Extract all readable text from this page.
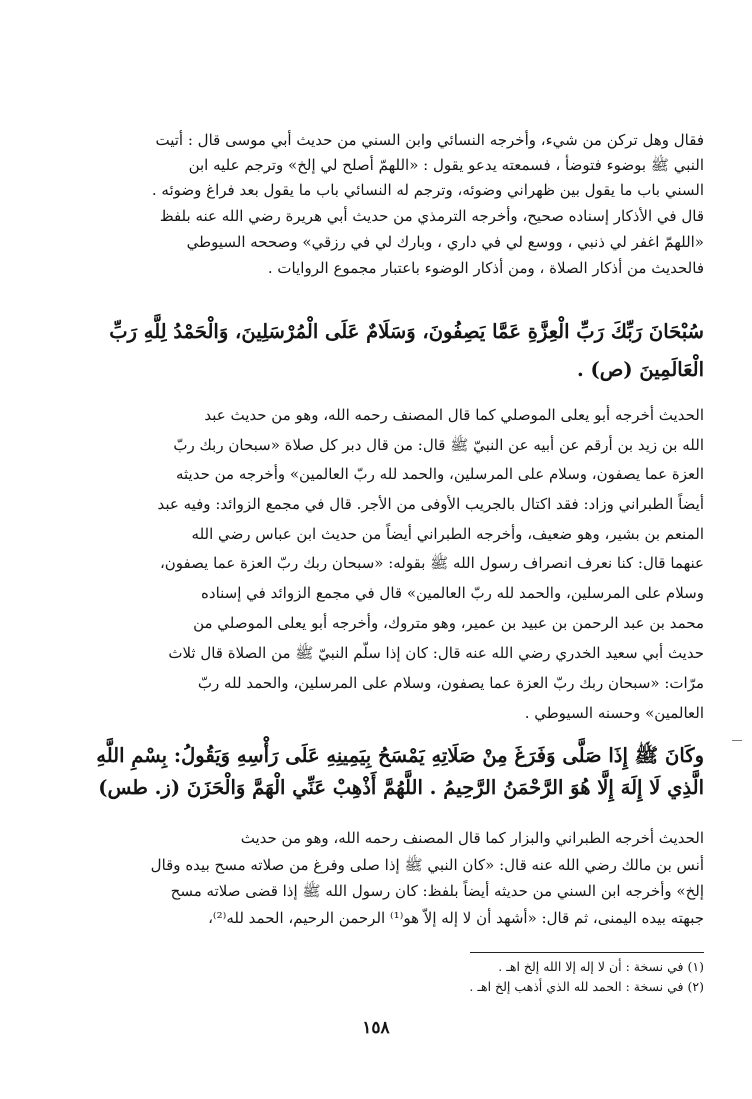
فقال وهل تركن من شيء، وأخرجه النسائي وابن السني من حديث أبي موسى قال : أتيت
النبي ﷺ بوضوء فتوضأ ، فسمعته يدعو يقول : «اللهمّ أصلح لي إلخ» وترجم عليه ابن
السني باب ما يقول بين ظهراني وضوئه، وترجم له النسائي باب ما يقول بعد فراغ وضوئه .
قال في الأذكار إسناده صحيح، وأخرجه الترمذي من حديث أبي هريرة رضي الله عنه بلفظ
«اللهمّ اغفر لي ذنبي ، ووسع لي في داري ، وبارك لي في رزقي» وصححه السيوطي
فالحديث من أذكار الصلاة ، ومن أذكار الوضوء باعتبار مجموع الروايات .
سُبْحَانَ رَبِّكَ رَبِّ الْعِزَّةِ عَمَّا يَصِفُونَ، وَسَلَامٌ عَلَى الْمُرْسَلِينَ، وَالْحَمْدُ لِلَّهِ رَبِّ
الْعَالَمِينَ (ص) .
الحديث أخرجه أبو يعلى الموصلي كما قال المصنف رحمه الله، وهو من حديث عبد
الله بن زيد بن أرقم عن أبيه عن النبيّ ﷺ قال: من قال دبر كل صلاة «سبحان ربك ربّ
العزة عما يصفون، وسلام على المرسلين، والحمد لله ربّ العالمين» وأخرجه من حديثه
أيضاً الطبراني وزاد: فقد اكتال بالجريب الأوفى من الأجر. قال في مجمع الزوائد: وفيه عبد
المنعم بن بشير، وهو ضعيف، وأخرجه الطبراني أيضاً من حديث ابن عباس رضي الله
عنهما قال: كنا نعرف انصراف رسول الله ﷺ بقوله: «سبحان ربك ربّ العزة عما يصفون،
وسلام على المرسلين، والحمد لله ربّ العالمين» قال في مجمع الزوائد في إسناده
محمد بن عبد الرحمن بن عبيد بن عمير، وهو متروك، وأخرجه أبو يعلى الموصلي من
حديث أبي سعيد الخدري رضي الله عنه قال: كان إذا سلّم النبيّ ﷺ من الصلاة قال ثلاث
مرّات: «سبحان ربك ربّ العزة عما يصفون، وسلام على المرسلين، والحمد لله ربّ
العالمين» وحسنه السيوطي .
وكَانَ ﷺ إِذَا صَلَّى وَفَرَغَ مِنْ صَلَاتِهِ يَمْسَحُ بِيَمِينِهِ عَلَى رَأْسِهِ وَيَقُولُ: بِسْمِ اللَّهِ
الَّذِي لَا إِلَهَ إِلَّا هُوَ الرَّحْمَنُ الرَّحِيمُ . اللَّهُمَّ أَذْهِبْ عَنِّي الْهَمَّ وَالْحَزَنَ (ز. طس)
الحديث أخرجه الطبراني والبزار كما قال المصنف رحمه الله، وهو من حديث
أنس بن مالك رضي الله عنه قال: «كان النبي ﷺ إذا صلى وفرغ من صلاته مسح بيده وقال
إلخ» وأخرجه ابن السني من حديثه أيضاً بلفظ: كان رسول الله ﷺ إذا قضى صلاته مسح
جبهته بيده اليمنى، ثم قال: «أشهد أن لا إله إلاّ هو⁽¹⁾ الرحمن الرحيم، الحمد لله⁽²⁾،
(١) في نسخة : أن لا إله إلا الله إلخ اهـ .
(٢) في نسخة : الحمد لله الذي أذهب إلخ اهـ .
١٥٨
